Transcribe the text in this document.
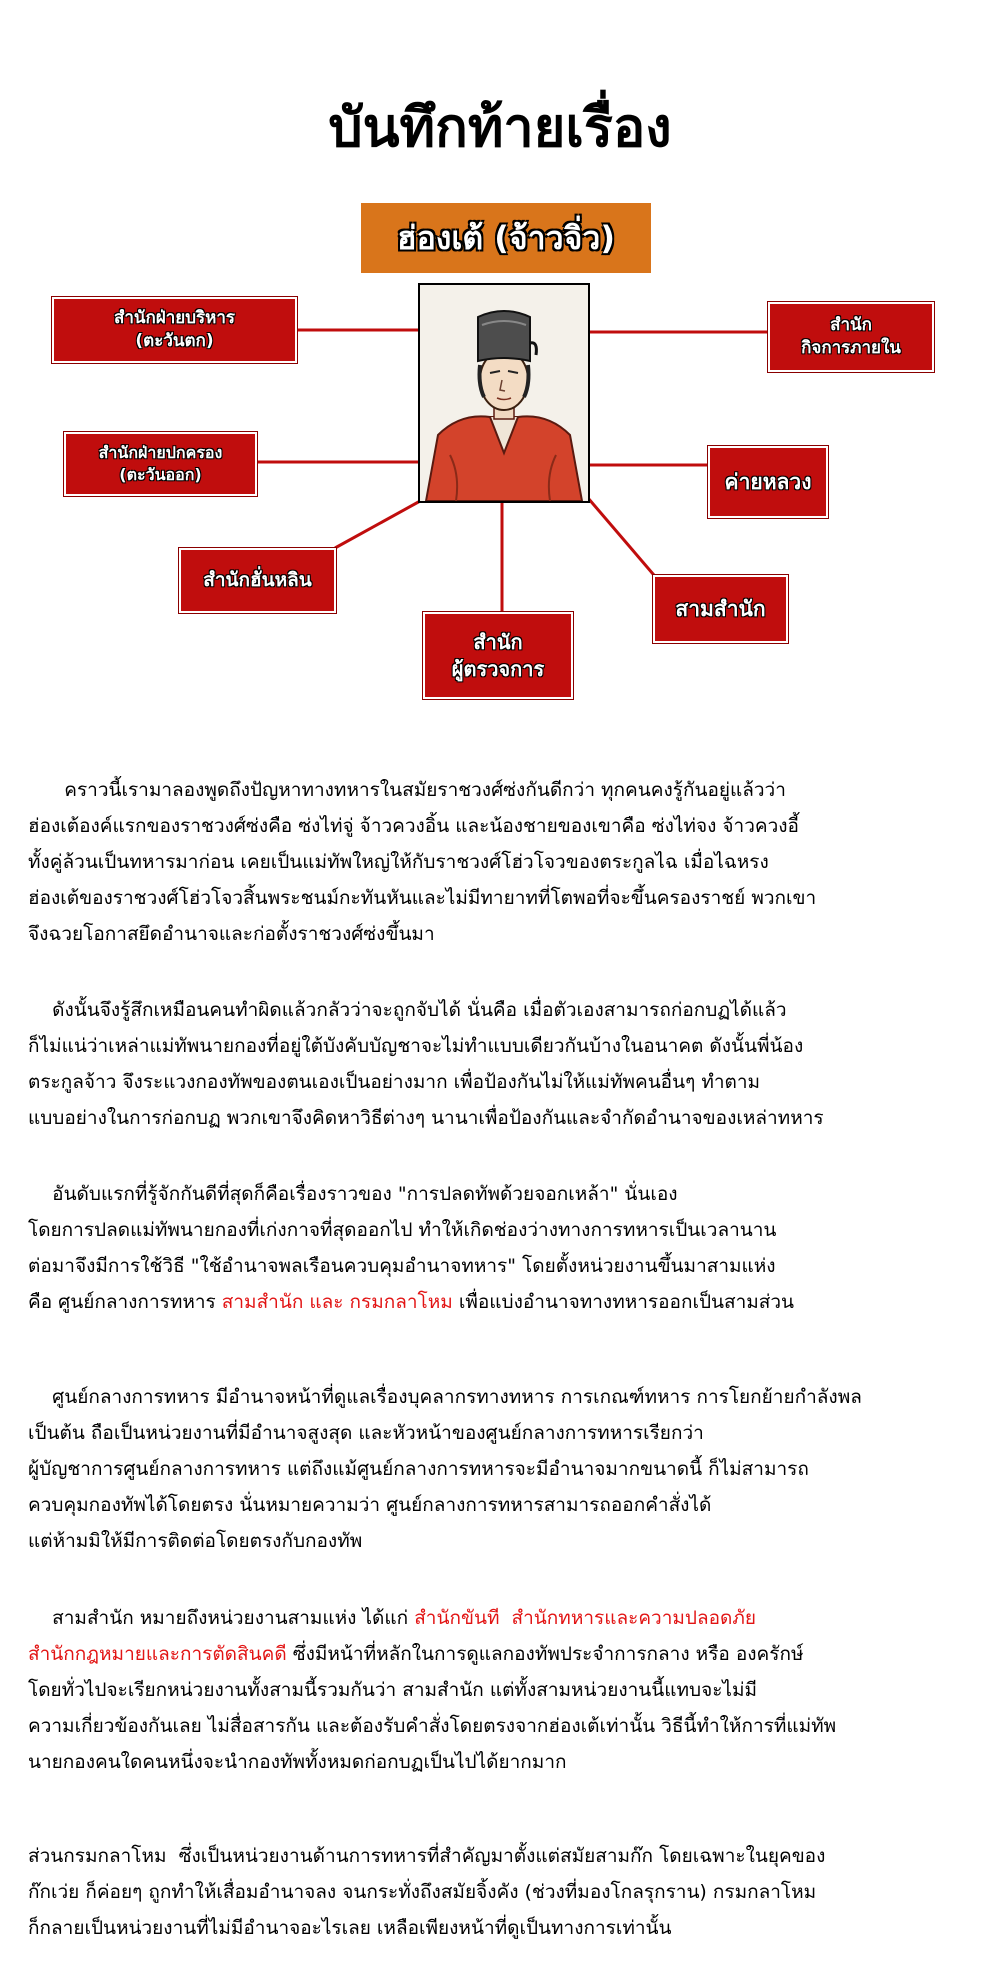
บันทึกท้ายเรื่อง
ฮ่องเต้ (จ้าวจิ่ว)
สำนักฝ่ายบริหาร
(ตะวันตก)
สำนักฝ่ายปกครอง
(ตะวันออก)
สำนักฮั่นหลิน
สำนัก
ผู้ตรวจการ
สามสำนัก
ค่ายหลวง
สำนัก
กิจการภายใน
คราวนี้เรามาลองพูดถึงปัญหาทางทหารในสมัยราชวงศ์ซ่งกันดีกว่า ทุกคนคงรู้กันอยู่แล้วว่า
ฮ่องเต้องค์แรกของราชวงศ์ซ่งคือ ซ่งไท่จู่ จ้าวควงอิ้น และน้องชายของเขาคือ ซ่งไท่จง จ้าวควงอี้
ทั้งคู่ล้วนเป็นทหารมาก่อน เคยเป็นแม่ทัพใหญ่ให้กับราชวงศ์โฮ่วโจวของตระกูลไฉ เมื่อไฉหรง
ฮ่องเต้ของราชวงศ์โฮ่วโจวสิ้นพระชนม์กะทันหันและไม่มีทายาทที่โตพอที่จะขึ้นครองราชย์ พวกเขา
จึงฉวยโอกาสยึดอำนาจและก่อตั้งราชวงศ์ซ่งขึ้นมา
ดังนั้นจึงรู้สึกเหมือนคนทำผิดแล้วกลัวว่าจะถูกจับได้ นั่นคือ เมื่อตัวเองสามารถก่อกบฏได้แล้ว
ก็ไม่แน่ว่าเหล่าแม่ทัพนายกองที่อยู่ใต้บังคับบัญชาจะไม่ทำแบบเดียวกันบ้างในอนาคต ดังนั้นพี่น้อง
ตระกูลจ้าว จึงระแวงกองทัพของตนเองเป็นอย่างมาก เพื่อป้องกันไม่ให้แม่ทัพคนอื่นๆ ทำตาม
แบบอย่างในการก่อกบฏ พวกเขาจึงคิดหาวิธีต่างๆ นานาเพื่อป้องกันและจำกัดอำนาจของเหล่าทหาร
อันดับแรกที่รู้จักกันดีที่สุดก็คือเรื่องราวของ "การปลดทัพด้วยจอกเหล้า" นั่นเอง
โดยการปลดแม่ทัพนายกองที่เก่งกาจที่สุดออกไป ทำให้เกิดช่องว่างทางการทหารเป็นเวลานาน
ต่อมาจึงมีการใช้วิธี "ใช้อำนาจพลเรือนควบคุมอำนาจทหาร" โดยตั้งหน่วยงานขึ้นมาสามแห่ง
คือ ศูนย์กลางการทหาร สามสำนัก และ กรมกลาโหม เพื่อแบ่งอำนาจทางทหารออกเป็นสามส่วน
ศูนย์กลางการทหาร มีอำนาจหน้าที่ดูแลเรื่องบุคลากรทางทหาร การเกณฑ์ทหาร การโยกย้ายกำลังพล
เป็นต้น ถือเป็นหน่วยงานที่มีอำนาจสูงสุด และหัวหน้าของศูนย์กลางการทหารเรียกว่า
ผู้บัญชาการศูนย์กลางการทหาร แต่ถึงแม้ศูนย์กลางการทหารจะมีอำนาจมากขนาดนี้ ก็ไม่สามารถ
ควบคุมกองทัพได้โดยตรง นั่นหมายความว่า ศูนย์กลางการทหารสามารถออกคำสั่งได้
แต่ห้ามมิให้มีการติดต่อโดยตรงกับกองทัพ
สามสำนัก หมายถึงหน่วยงานสามแห่ง ได้แก่ สำนักขันที  สำนักทหารและความปลอดภัย
สำนักกฎหมายและการตัดสินคดี ซึ่งมีหน้าที่หลักในการดูแลกองทัพประจำการกลาง หรือ องครักษ์
โดยทั่วไปจะเรียกหน่วยงานทั้งสามนี้รวมกันว่า สามสำนัก แต่ทั้งสามหน่วยงานนี้แทบจะไม่มี
ความเกี่ยวข้องกันเลย ไม่สื่อสารกัน และต้องรับคำสั่งโดยตรงจากฮ่องเต้เท่านั้น วิธีนี้ทำให้การที่แม่ทัพ
นายกองคนใดคนหนึ่งจะนำกองทัพทั้งหมดก่อกบฏเป็นไปได้ยากมาก
ส่วนกรมกลาโหม  ซึ่งเป็นหน่วยงานด้านการทหารที่สำคัญมาตั้งแต่สมัยสามก๊ก โดยเฉพาะในยุคของ
ก๊กเว่ย ก็ค่อยๆ ถูกทำให้เสื่อมอำนาจลง จนกระทั่งถึงสมัยจิ้งคัง (ช่วงที่มองโกลรุกราน) กรมกลาโหม
ก็กลายเป็นหน่วยงานที่ไม่มีอำนาจอะไรเลย เหลือเพียงหน้าที่ดูเป็นทางการเท่านั้น
